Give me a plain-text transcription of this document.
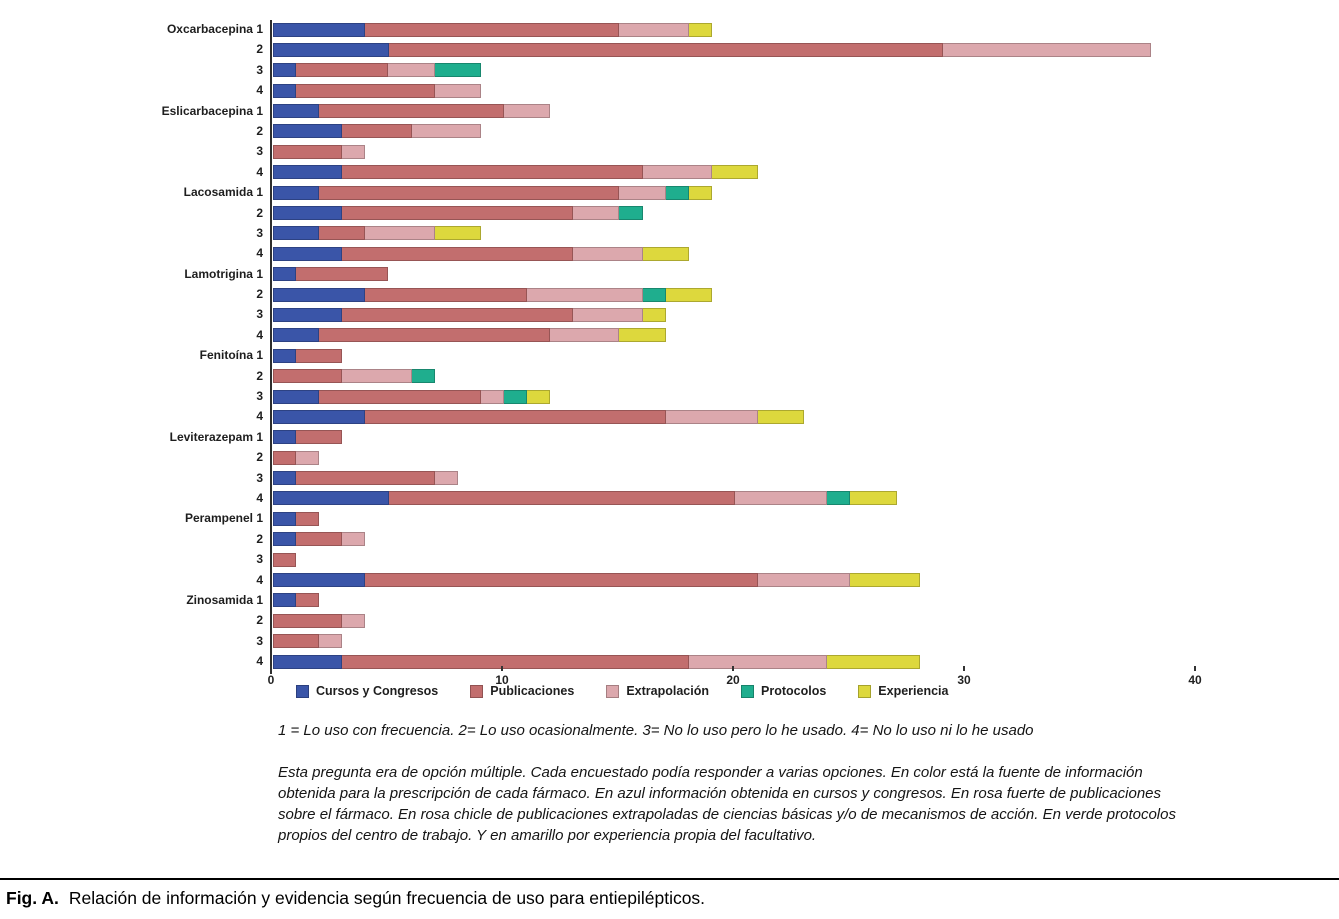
Oxcarbacepina 1
2
3
4
Eslicarbacepina 1
2
3
4
Lacosamida 1
2
3
4
Lamotrigina 1
2
3
4
Fenitoína 1
2
3
4
Leviterazepam 1
2
3
4
Perampenel 1
2
3
4
Zinosamida 1
2
3
4
0	10	20	30	40
Cursos y Congresos	Publicaciones	Extrapolación	Protocolos	Experiencia
1 = Lo uso con frecuencia. 2= Lo uso ocasionalmente. 3= No lo uso pero lo he usado. 4= No lo uso ni lo he usado
Esta pregunta era de opción múltiple. Cada encuestado podía responder a varias opciones. En color está la fuente de información obtenida para la prescripción de cada fármaco. En azul información obtenida en cursos y congresos. En rosa fuerte de publicaciones sobre el fármaco. En rosa chicle de publicaciones extrapoladas de ciencias básicas y/o de mecanismos de acción. En verde protocolos propios del centro de trabajo. Y en amarillo por experiencia propia del facultativo.
Fig. A. Relación de información y evidencia según frecuencia de uso para entiepilépticos.
